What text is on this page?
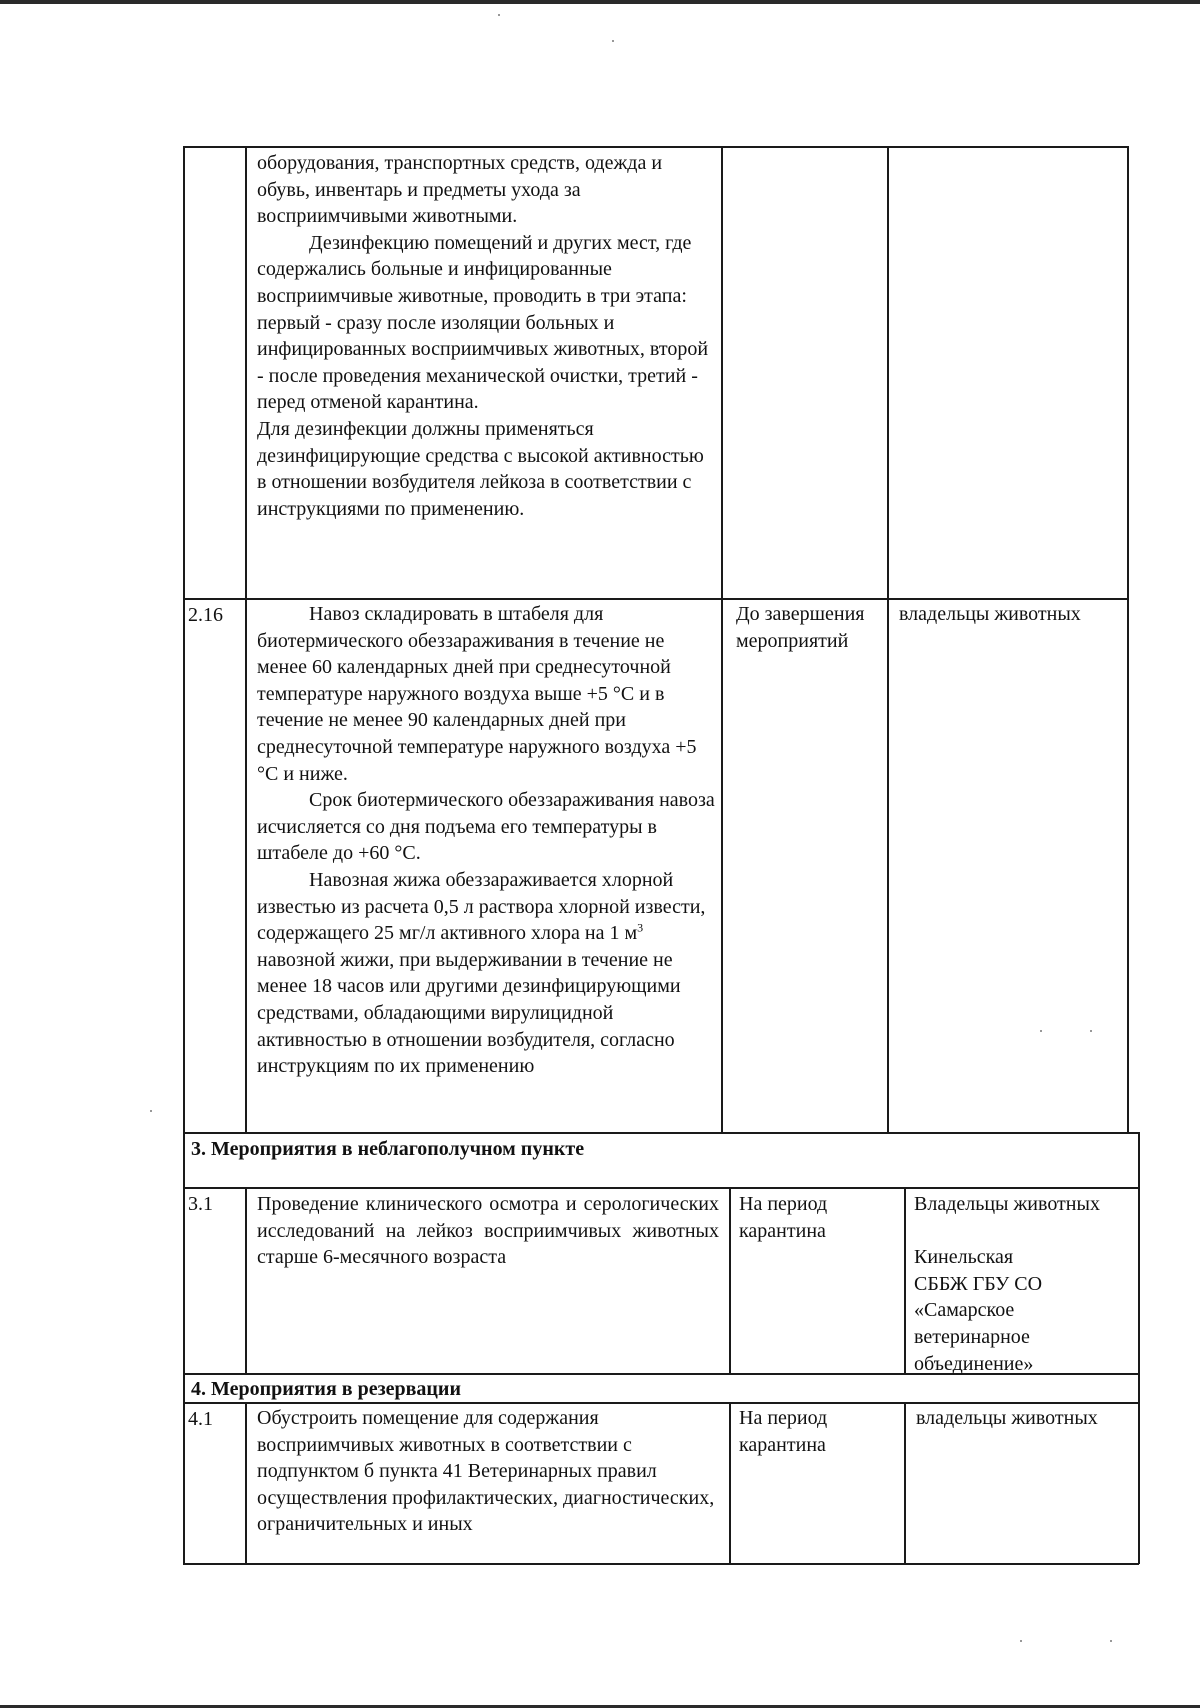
оборудования, транспортных средств, одежда и обувь, инвентарь и предметы ухода за восприимчивыми животными.

Дезинфекцию помещений и других мест, где содержались больные и инфицированные восприимчивые животные, проводить в три этапа: первый - сразу после изоляции больных и инфицированных восприимчивых животных, второй - после проведения механической очистки, третий - перед отменой карантина.

Для дезинфекции должны применяться дезинфицирующие средства с высокой активностью в отношении возбудителя лейкоза в соответствии с инструкциями по применению.

2.16	Навоз складировать в штабеля для биотермического обеззараживания в течение не менее 60 календарных дней при среднесуточной температуре наружного воздуха выше +5 °С и в течение не менее 90 календарных дней при среднесуточной температуре наружного воздуха +5 °С и ниже.

Срок биотермического обеззараживания навоза исчисляется со дня подъема его температуры в штабеле до +60 °С.

Навозная жижа обеззараживается хлорной известью из расчета 0,5 л раствора хлорной извести, содержащего 25 мг/л активного хлора на 1 $м^3$ навозной жижи, при выдерживании в течение не менее 18 часов или другими дезинфицирующими средствами, обладающими вирулицидной активностью в отношении возбудителя, согласно инструкциям по их применению

До завершения мероприятий
владельцы животных
3. Мероприятия в неблагополучном пункте
3.1 Проведение клинического осмотра и серологических исследований на лейкоз восприимчивых животных старше 6-месячного возраста
На период карантина

Владельцы животных

Кинельская СББЖ ГБУ СО «Самарское ветеринарное объединение»

4. Мероприятия в резервации
4.1 Обустроить помещение для содержания восприимчивых животных в соответствии с подпунктом б пункта 41 Ветеринарных правил осуществления профилактических, диагностических, ограничительных и иных
На период карантина
владельцы животных
